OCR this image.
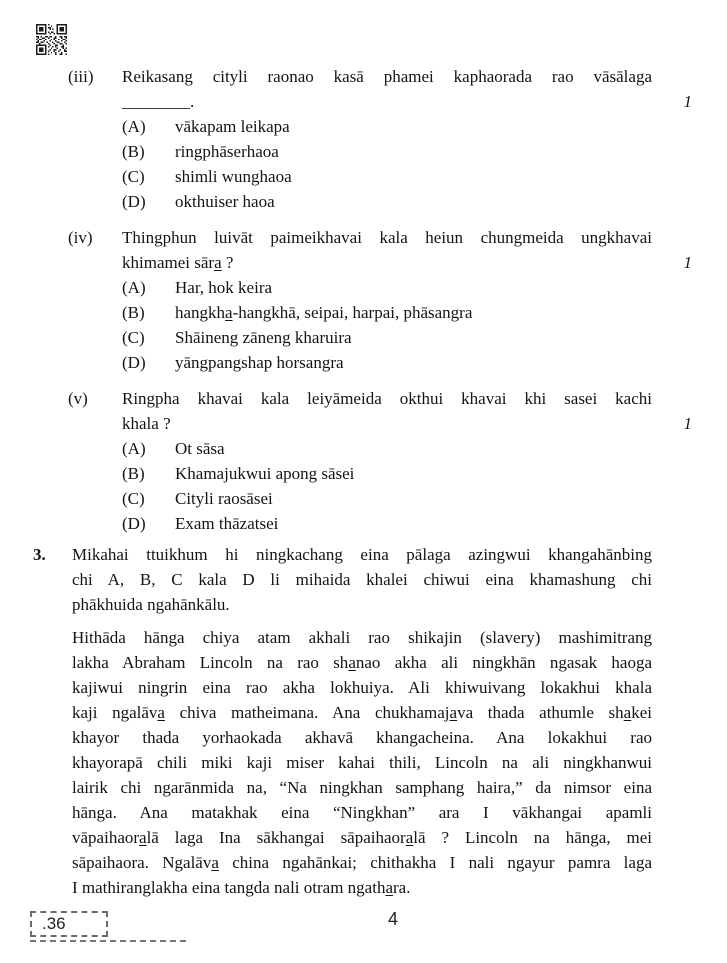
(iii)	Reikasang cityli raonao kasā phamei kaphaorada rao vāsālaga
________.	1
(A)	vākapam leikapa
(B)	ringphāserhaoa
(C)	shimli wunghaoa
(D)	okthuiser haoa
(iv)	Thingphun luivāt paimeikhavai kala heiun chungmeida ungkhavai
khimamei sāra ?	1
(A)	Har, hok keira
(B)	hangkha-hangkhā, seipai, harpai, phāsangra
(C)	Shāineng zāneng kharuira
(D)	yāngpangshap horsangra
(v)	Ringpha khavai kala leiyāmeida okthui khavai khi sasei kachi
khala ?	1
(A)	Ot sāsa
(B)	Khamajukwui apong sāsei
(C)	Cityli raosāsei
(D)	Exam thāzatsei
3.	Mikahai ttuikhum hi ningkachang eina pālaga azingwui khangahānbing
chi A, B, C kala D li mihaida khalei chiwui eina khamashung chi
phākhuida ngahānkālu.
Hithāda hānga chiya atam akhali rao shikajin (slavery) mashimitrang
lakha Abraham Lincoln na rao shanao akha ali ningkhān ngasak haoga
kajiwui ningrin eina rao akha lokhuiya. Ali khiwuivang lokakhui khala
kaji ngalāva chiva matheimana. Ana chukhamajava thada athumle shakei
khayor thada yorhaokada akhavā khangacheina. Ana lokakhui rao
khayorapā chili miki kaji miser kahai thili, Lincoln na ali ningkhanwui
lairik chi ngarānmida na, “Na ningkhan samphang haira,” da nimsor eina
hānga. Ana matakhak eina “Ningkhan” ara I vākhangai apamli
vāpaihaoralā laga Ina sākhangai sāpaihaoralā ? Lincoln na hānga, mei
sāpaihaora. Ngalāva china ngahānkai; chithakha I nali ngayur pamra laga
I mathiranglakha eina tangda nali otram ngathara.
.36	4
